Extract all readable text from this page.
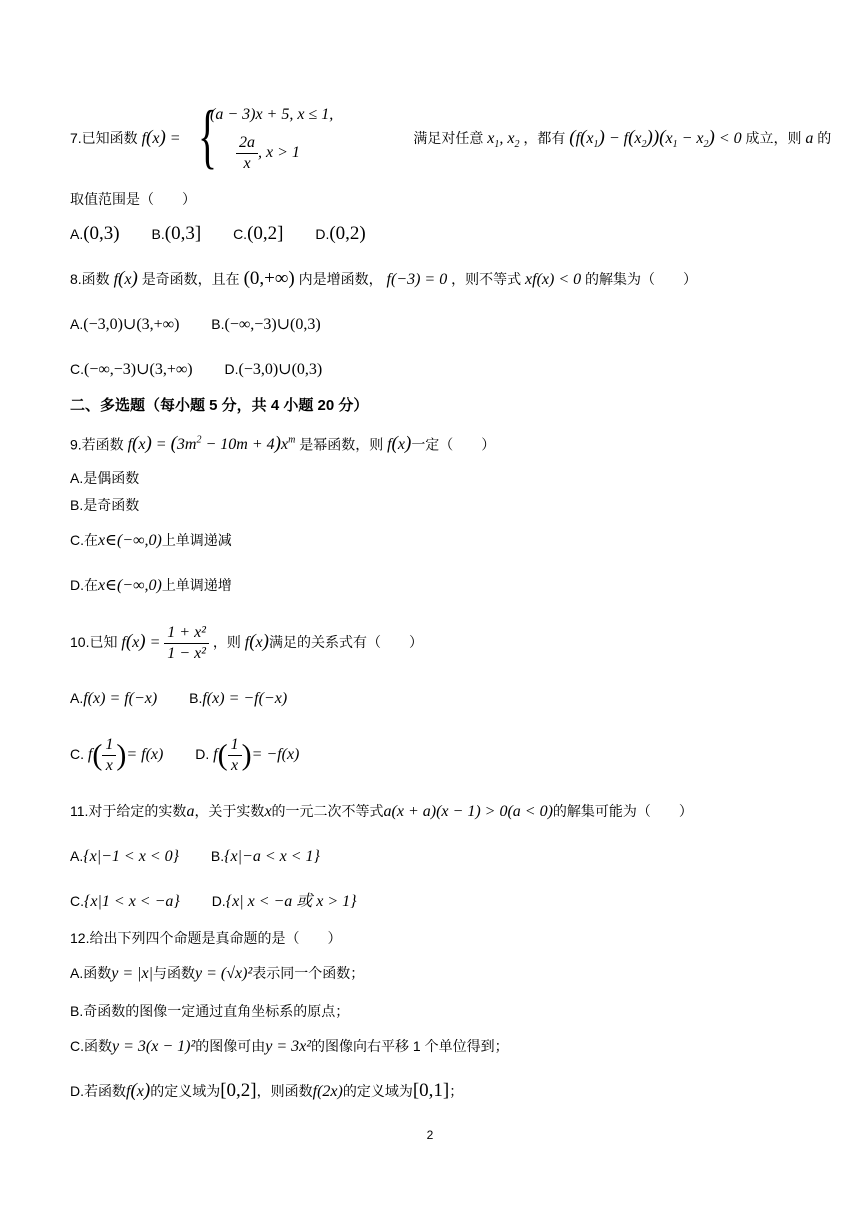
7.已知函数 f(x) =	满足对任意 $x_1$, $x_2$ ，都有 $(f(x_1) - f(x_2))(x_1 - x_2) < 0$ 成立，则 a 的
{
(a − 3)x + 5, x ≤ 1,
$\frac{2a}{x}$ , x > 1
取值范围是（　　）
A.(0,3) B.(0,3] C.(0,2] D.(0,2)
8.函数 f(x) 是奇函数，且在 (0,+∞) 内是增函数， f(−3) = 0 ，则不等式 xf(x) < 0 的解集为（　　）
A.(−3,0)∪(3,+∞) B.(−∞,−3)∪(0,3)
C.(−∞,−3)∪(3,+∞) D.(−3,0)∪(0,3)
二、多选题（每小题 5 分，共 4 小题 20 分）
9.若函数 $f(x) = (3m^2 - 10m + 4)x^m$ 是幂函数，则 f(x)一定（　　）
A.是偶函数
B.是奇函数
C.在x∈(−∞,0)上单调递减
D.在x∈(−∞,0)上单调递增
10.已知 $f(x) = \frac{\text{1 + x²}}{\text{1 − x²}}$ ，则 f(x)满足的关系式有（　　）
A.f(x) = f(−x) B.f(x) = −f(−x)
C. $f( \frac{1}{x}$ )= f(x) D. $f( \frac{1}{x}$ )= −f(x)
11.对于给定的实数a，关于实数x的一元二次不等式a(x + a)(x − 1) > 0(a < 0)的解集可能为（　　）
A.{x|−1 < x < 0} B.{x|−a < x < 1}
C.{x|1 < x < −a} D.{x| x < −a 或 x > 1}
12.给出下列四个命题是真命题的是（　　）
A.函数y = |x|与函数y = (√x)²表示同一个函数；
B.奇函数的图像一定通过直角坐标系的原点；
C.函数y = 3(x − 1)²的图像可由y = 3x²的图像向右平移 1 个单位得到；
D.若函数f(x)的定义域为[0,2]，则函数f(2x)的定义域为[0,1]；
2
